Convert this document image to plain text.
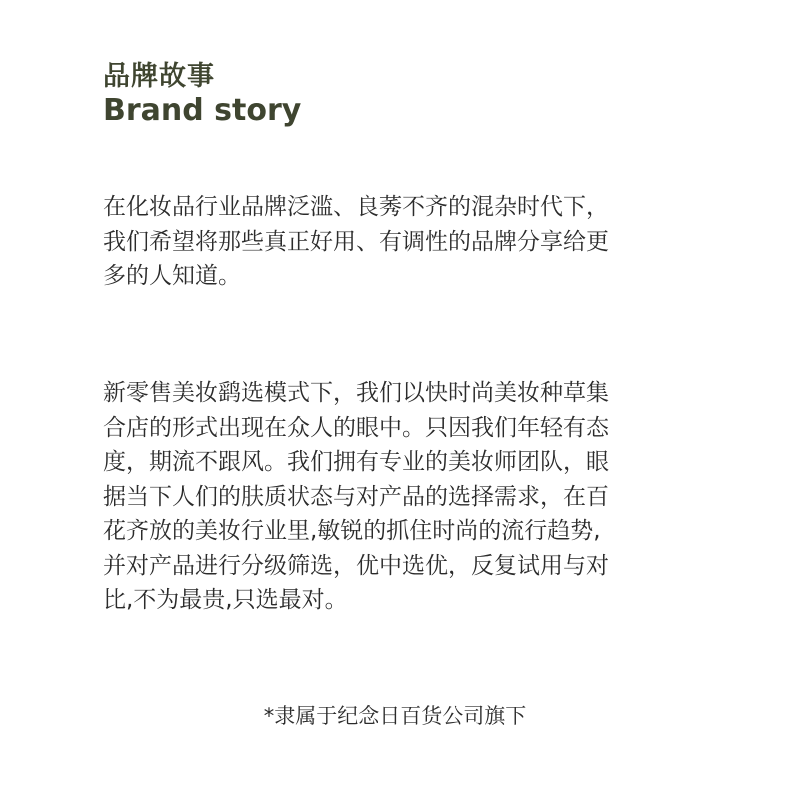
品牌故事
Brand story
在化妆品行业品牌泛滥、良莠不齐的混杂时代下，
我们希望将那些真正好用、有调性的品牌分享给更
多的人知道。
新零售美妆鹞选模式下，我们以快时尚美妆种草集
合店的形式出现在众人的眼中。只因我们年轻有态
度，期流不跟风。我们拥有专业的美妆师团队，眼
据当下人们的肤质状态与对产品的选择需求，在百
花齐放的美妆行业里,敏锐的抓住时尚的流行趋势,
并对产品进行分级筛选，优中选优，反复试用与对
比,不为最贵,只选最对。
*隶属于纪念日百货公司旗下
